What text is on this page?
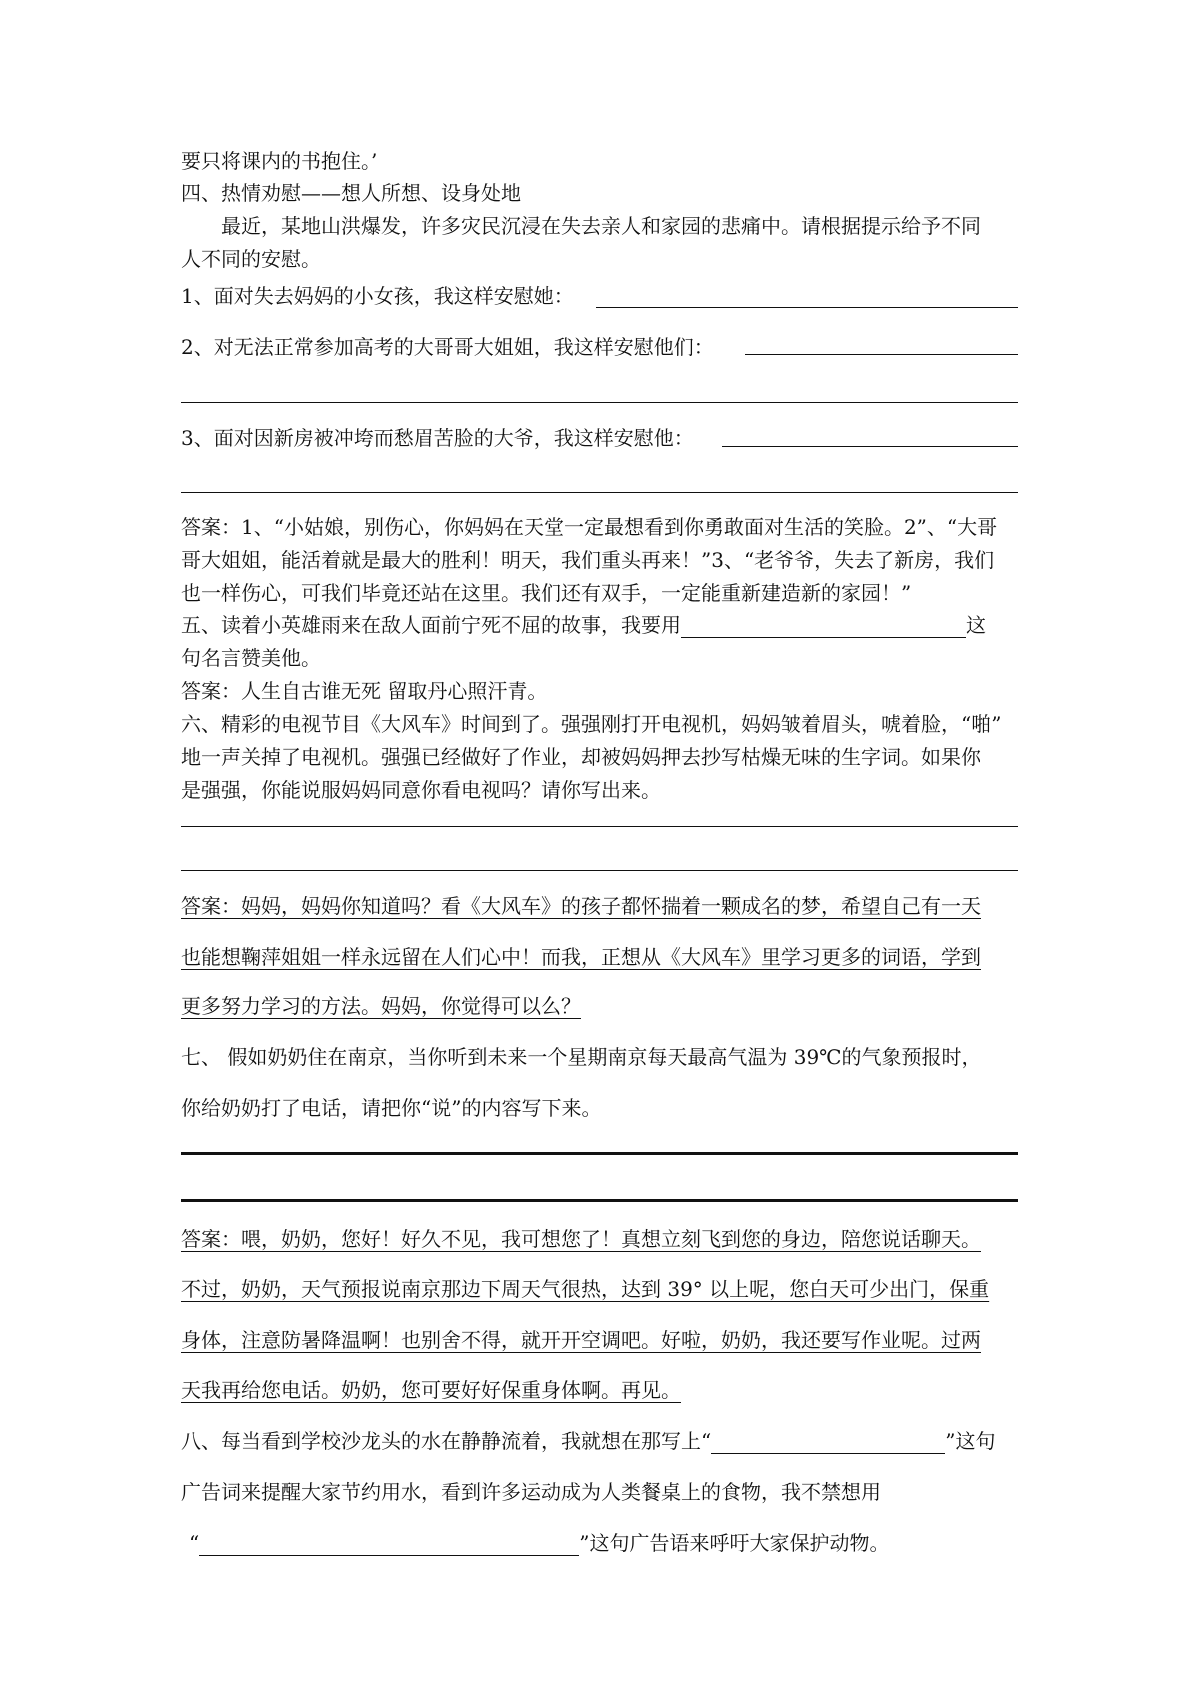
要只将课内的书抱住。’
四、热情劝慰——想人所想、设身处地
　　最近，某地山洪爆发，许多灾民沉浸在失去亲人和家园的悲痛中。请根据提示给予不同
人不同的安慰。
1、面对失去妈妈的小女孩，我这样安慰她：
2、对无法正常参加高考的大哥哥大姐姐，我这样安慰他们：
3、面对因新房被冲垮而愁眉苦脸的大爷，我这样安慰他：
答案：1、“小姑娘，别伤心，你妈妈在天堂一定最想看到你勇敢面对生活的笑脸。2”、“大哥
哥大姐姐，能活着就是最大的胜利！明天，我们重头再来！”3、“老爷爷，失去了新房，我们
也一样伤心，可我们毕竟还站在这里。我们还有双手，一定能重新建造新的家园！”
五、读着小英雄雨来在敌人面前宁死不屈的故事，我要用	这
句名言赞美他。
答案：人生自古谁无死 留取丹心照汗青。
六、精彩的电视节目《大风车》时间到了。强强刚打开电视机，妈妈皱着眉头，唬着脸，“啪”
地一声关掉了电视机。强强已经做好了作业，却被妈妈押去抄写枯燥无味的生字词。如果你
是强强，你能说服妈妈同意你看电视吗？请你写出来。
答案：妈妈，妈妈你知道吗？看《大风车》的孩子都怀揣着一颗成名的梦，希望自己有一天
也能想鞠萍姐姐一样永远留在人们心中！而我，正想从《大风车》里学习更多的词语，学到
更多努力学习的方法。妈妈，你觉得可以么？
七、 假如奶奶住在南京，当你听到未来一个星期南京每天最高气温为 39℃的气象预报时，
你给奶奶打了电话，请把你“说”的内容写下来。
答案：喂，奶奶，您好！好久不见，我可想您了！真想立刻飞到您的身边，陪您说话聊天。
不过，奶奶，天气预报说南京那边下周天气很热，达到 39° 以上呢，您白天可少出门，保重
身体，注意防暑降温啊！也别舍不得，就开开空调吧。好啦，奶奶，我还要写作业呢。过两
天我再给您电话。奶奶，您可要好好保重身体啊。再见。
八、每当看到学校沙龙头的水在静静流着，我就想在那写上“	”这句
广告词来提醒大家节约用水，看到许多运动成为人类餐桌上的食物，我不禁想用
“	”这句广告语来呼吁大家保护动物。
